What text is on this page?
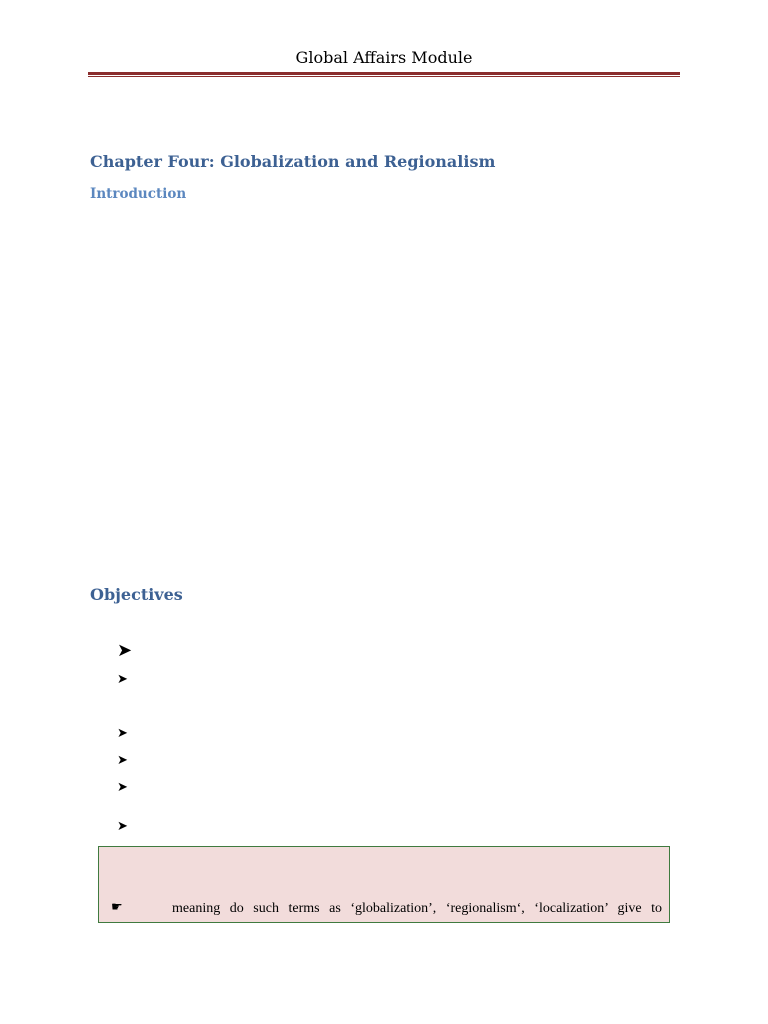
Global Affairs Module
Chapter Four: Globalization and Regionalism
Introduction
Objectives
➤
➤
➤
➤
➤
➤
☛	meaning do such terms as ‘globalization’, ‘regionalism‘, ‘localization’ give to
